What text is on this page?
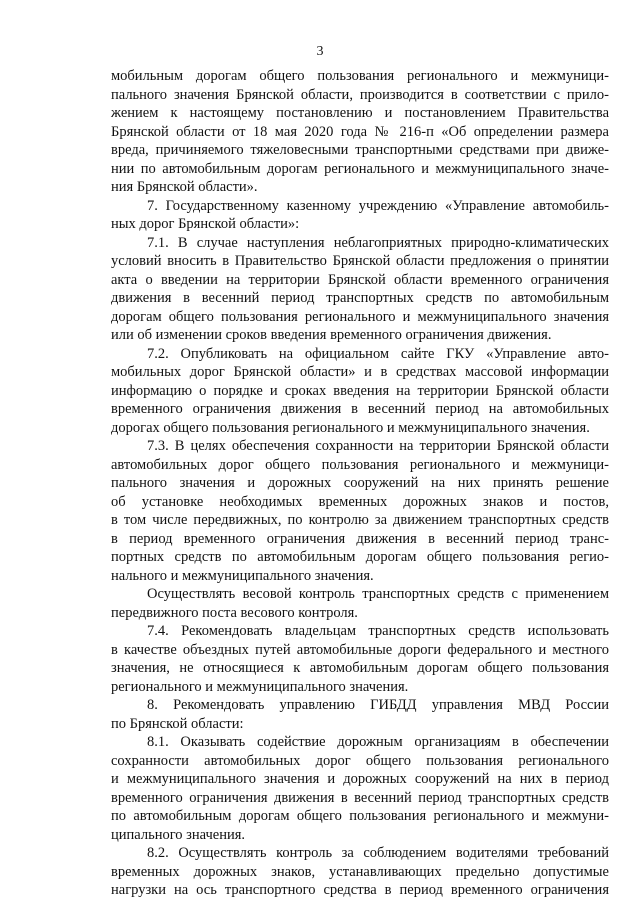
3
мобильным дорогам общего пользования регионального и межмуници-
пального значения Брянской области, производится в соответствии с прило-
жением к настоящему постановлению и постановлением Правительства
Брянской области от 18 мая 2020 года № 216-п «Об определении размера
вреда, причиняемого тяжеловесными транспортными средствами при движе-
нии по автомобильным дорогам регионального и межмуниципального значе-
ния Брянской области».
7. Государственному казенному учреждению «Управление автомобиль-
ных дорог Брянской области»:
7.1. В случае наступления неблагоприятных природно-климатических
условий вносить в Правительство Брянской области предложения о принятии
акта о введении на территории Брянской области временного ограничения
движения в весенний период транспортных средств по автомобильным
дорогам общего пользования регионального и межмуниципального значения
или об изменении сроков введения временного ограничения движения.
7.2. Опубликовать на официальном сайте ГКУ «Управление авто-
мобильных дорог Брянской области» и в средствах массовой информации
информацию о порядке и сроках введения на территории Брянской области
временного ограничения движения в весенний период на автомобильных
дорогах общего пользования регионального и межмуниципального значения.
7.3. В целях обеспечения сохранности на территории Брянской области
автомобильных дорог общего пользования регионального и межмуници-
пального значения и дорожных сооружений на них принять решение
об установке необходимых временных дорожных знаков и постов,
в том числе передвижных, по контролю за движением транспортных средств
в период временного ограничения движения в весенний период транс-
портных средств по автомобильным дорогам общего пользования регио-
нального и межмуниципального значения.
Осуществлять весовой контроль транспортных средств с применением
передвижного поста весового контроля.
7.4. Рекомендовать владельцам транспортных средств использовать
в качестве объездных путей автомобильные дороги федерального и местного
значения, не относящиеся к автомобильным дорогам общего пользования
регионального и межмуниципального значения.
8. Рекомендовать управлению ГИБДД управления МВД России
по Брянской области:
8.1. Оказывать содействие дорожным организациям в обеспечении
сохранности автомобильных дорог общего пользования регионального
и межмуниципального значения и дорожных сооружений на них в период
временного ограничения движения в весенний период транспортных средств
по автомобильным дорогам общего пользования регионального и межмуни-
ципального значения.
8.2. Осуществлять контроль за соблюдением водителями требований
временных дорожных знаков, устанавливающих предельно допустимые
нагрузки на ось транспортного средства в период временного ограничения
